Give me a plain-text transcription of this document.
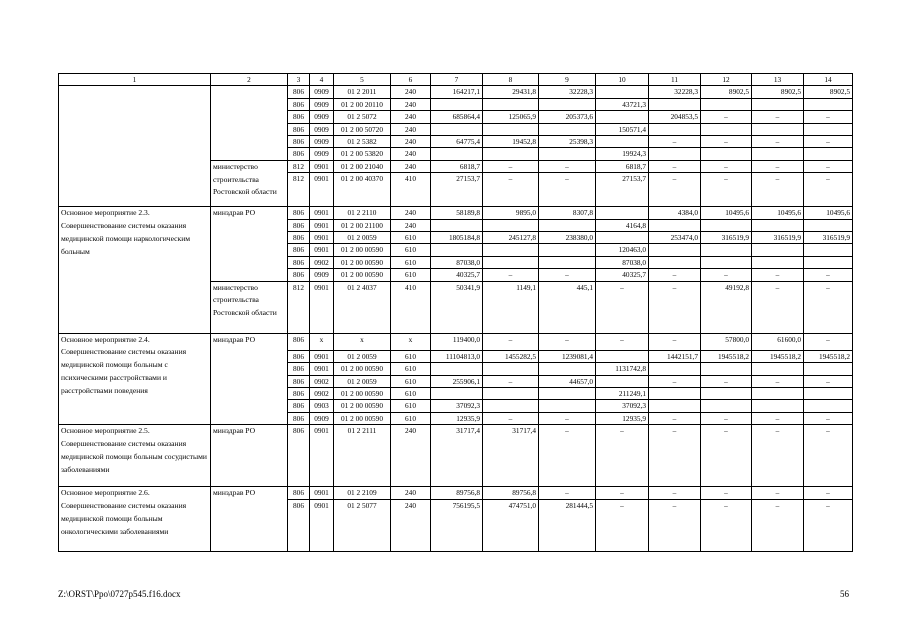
1	2	3	4	5	6	7	8	9	10	11	12	13	14
		806	0909	01 2 2011	240	164217,1	29431,8	32228,3		32228,3	8902,5	8902,5	8902,5
		806	0909	01 2 00 20110	240				43721,3				
		806	0909	01 2 5072	240	685864,4	125065,9	205373,6		204853,5	–	–	–
		806	0909	01 2 00 50720	240				150571,4				
		806	0909	01 2 5382	240	64775,4	19452,8	25398,3		–	–	–	–
		806	0909	01 2 00 53820	240				19924,3				
	министерство строительства Ростовской области	812	0901	01 2 00 21040	240	6818,7	–	–	6818,7	–	–	–	–
		812	0901	01 2 00 40370	410	27153,7	–	–	27153,7	–	–	–	–
Основное мероприятие 2.3. Совершенствование системы оказания медицинской помощи наркологическим больным	минздрав РО	806	0901	01 2 2110	240	58189,8	9895,0	8307,8		4384,0	10495,6	10495,6	10495,6
		806	0901	01 2 00 21100	240				4164,8				
		806	0901	01 2 0059	610	1805184,8	245127,8	238380,0		253474,0	316519,9	316519,9	316519,9
		806	0901	01 2 00 00590	610				120463,0				
		806	0902	01 2 00 00590	610	87038,0			87038,0				
		806	0909	01 2 00 00590	610	40325,7	–	–	40325,7	–	–	–	–
	министерство строительства Ростовской области	812	0901	01 2 4037	410	50341,9	1149,1	445,1	–	–	49192,8	–	–
Основное мероприятие 2.4. Совершенствование системы оказания медицинской помощи больным с психическими расстройствами и расстройствами поведения	минздрав РО	806	x	x	x	119400,0	–	–	–	–	57800,0	61600,0	–
		806	0901	01 2 0059	610	11104813,0	1455282,5	1239081,4		1442151,7	1945518,2	1945518,2	1945518,2
		806	0901	01 2 00 00590	610				1131742,8				
		806	0902	01 2 0059	610	255906,1	–	44657,0		–	–	–	–
		806	0902	01 2 00 00590	610				211249,1				
		806	0903	01 2 00 00590	610	37092,3			37092,3				
		806	0909	01 2 00 00590	610	12935,9	–	–	12935,9	–	–	–	–
Основное мероприятие 2.5. Совершенствование системы оказания медицинской помощи больным сосудистыми заболеваниями	минздрав РО	806	0901	01 2 2111	240	31717,4	31717,4	–	–	–	–	–	–
Основное мероприятие 2.6. Совершенствование системы оказания медицинской помощи больным онкологическими заболеваниями	минздрав РО	806	0901	01 2 2109	240	89756,8	89756,8	–	–	–	–	–	–
		806	0901	01 2 5077	240	756195,5	474751,0	281444,5	–	–	–	–	–
Z:\ORST\Ppo\0727p545.f16.docx	56
